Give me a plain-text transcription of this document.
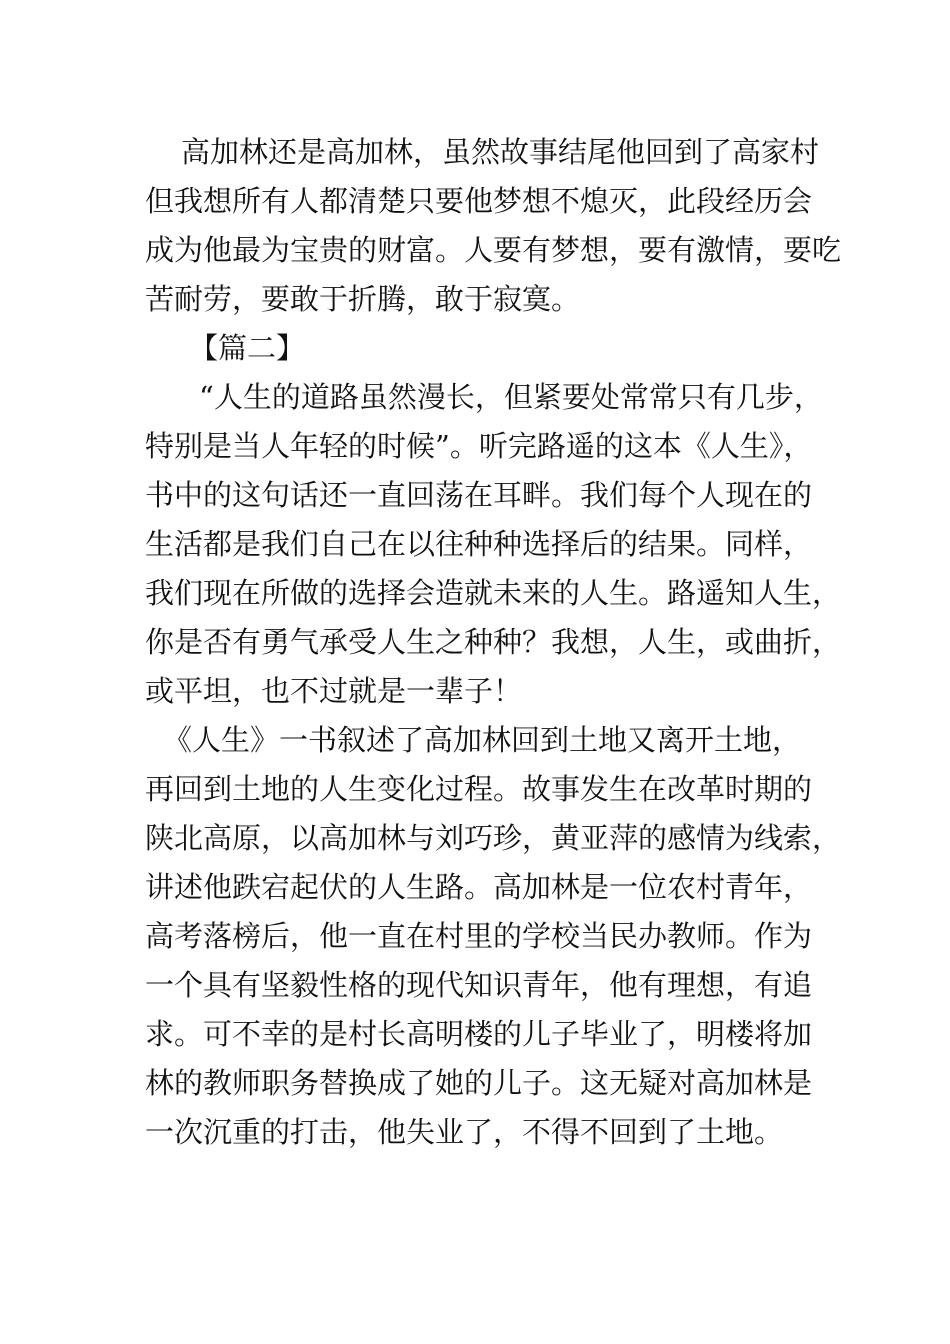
高加林还是高加林，虽然故事结尾他回到了高家村
但我想所有人都清楚只要他梦想不熄灭，此段经历会
成为他最为宝贵的财富。人要有梦想，要有激情，要吃
苦耐劳，要敢于折腾，敢于寂寞。
【篇二】
“人生的道路虽然漫长，但紧要处常常只有几步，
特别是当人年轻的时候”。听完路遥的这本《人生》，
书中的这句话还一直回荡在耳畔。我们每个人现在的
生活都是我们自己在以往种种选择后的结果。同样，
我们现在所做的选择会造就未来的人生。路遥知人生，
你是否有勇气承受人生之种种？我想，人生，或曲折，
或平坦，也不过就是一辈子！
《人生》一书叙述了高加林回到土地又离开土地，
再回到土地的人生变化过程。故事发生在改革时期的
陕北高原，以高加林与刘巧珍，黄亚萍的感情为线索，
讲述他跌宕起伏的人生路。高加林是一位农村青年，
高考落榜后，他一直在村里的学校当民办教师。作为
一个具有坚毅性格的现代知识青年，他有理想，有追
求。可不幸的是村长高明楼的儿子毕业了，明楼将加
林的教师职务替换成了她的儿子。这无疑对高加林是
一次沉重的打击，他失业了，不得不回到了土地。
